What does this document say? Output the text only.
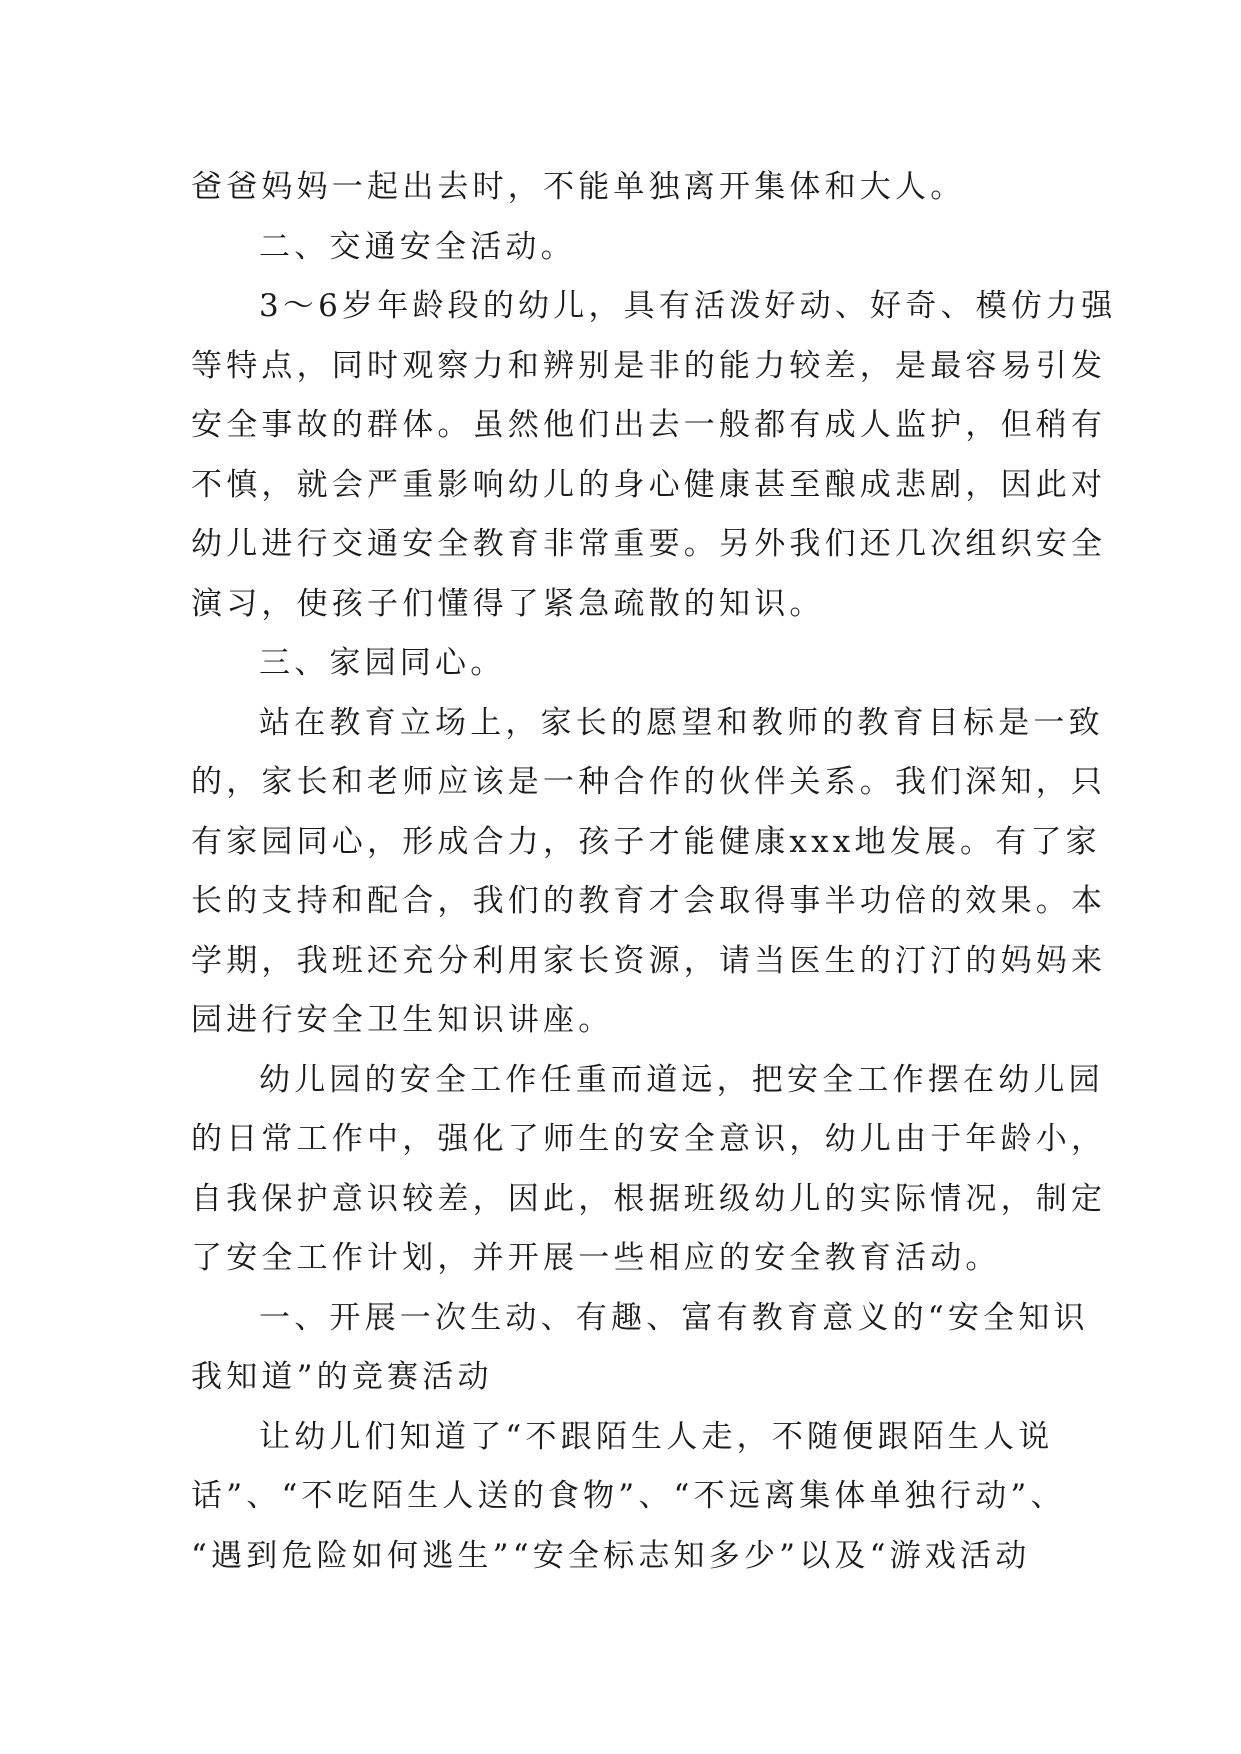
爸爸妈妈一起出去时，不能单独离开集体和大人。
二、交通安全活动。
3～6岁年龄段的幼儿，具有活泼好动、好奇、模仿力强
等特点，同时观察力和辨别是非的能力较差，是最容易引发
安全事故的群体。虽然他们出去一般都有成人监护，但稍有
不慎，就会严重影响幼儿的身心健康甚至酿成悲剧，因此对
幼儿进行交通安全教育非常重要。另外我们还几次组织安全
演习，使孩子们懂得了紧急疏散的知识。
三、家园同心。
站在教育立场上，家长的愿望和教师的教育目标是一致
的，家长和老师应该是一种合作的伙伴关系。我们深知，只
有家园同心，形成合力，孩子才能健康xxx地发展。有了家
长的支持和配合，我们的教育才会取得事半功倍的效果。本
学期，我班还充分利用家长资源，请当医生的汀汀的妈妈来
园进行安全卫生知识讲座。
幼儿园的安全工作任重而道远，把安全工作摆在幼儿园
的日常工作中，强化了师生的安全意识，幼儿由于年龄小，
自我保护意识较差，因此，根据班级幼儿的实际情况，制定
了安全工作计划，并开展一些相应的安全教育活动。
一、开展一次生动、有趣、富有教育意义的“安全知识
我知道”的竞赛活动
让幼儿们知道了“不跟陌生人走，不随便跟陌生人说
话”、“不吃陌生人送的食物”、“不远离集体单独行动”、
“遇到危险如何逃生”“安全标志知多少”以及“游戏活动
